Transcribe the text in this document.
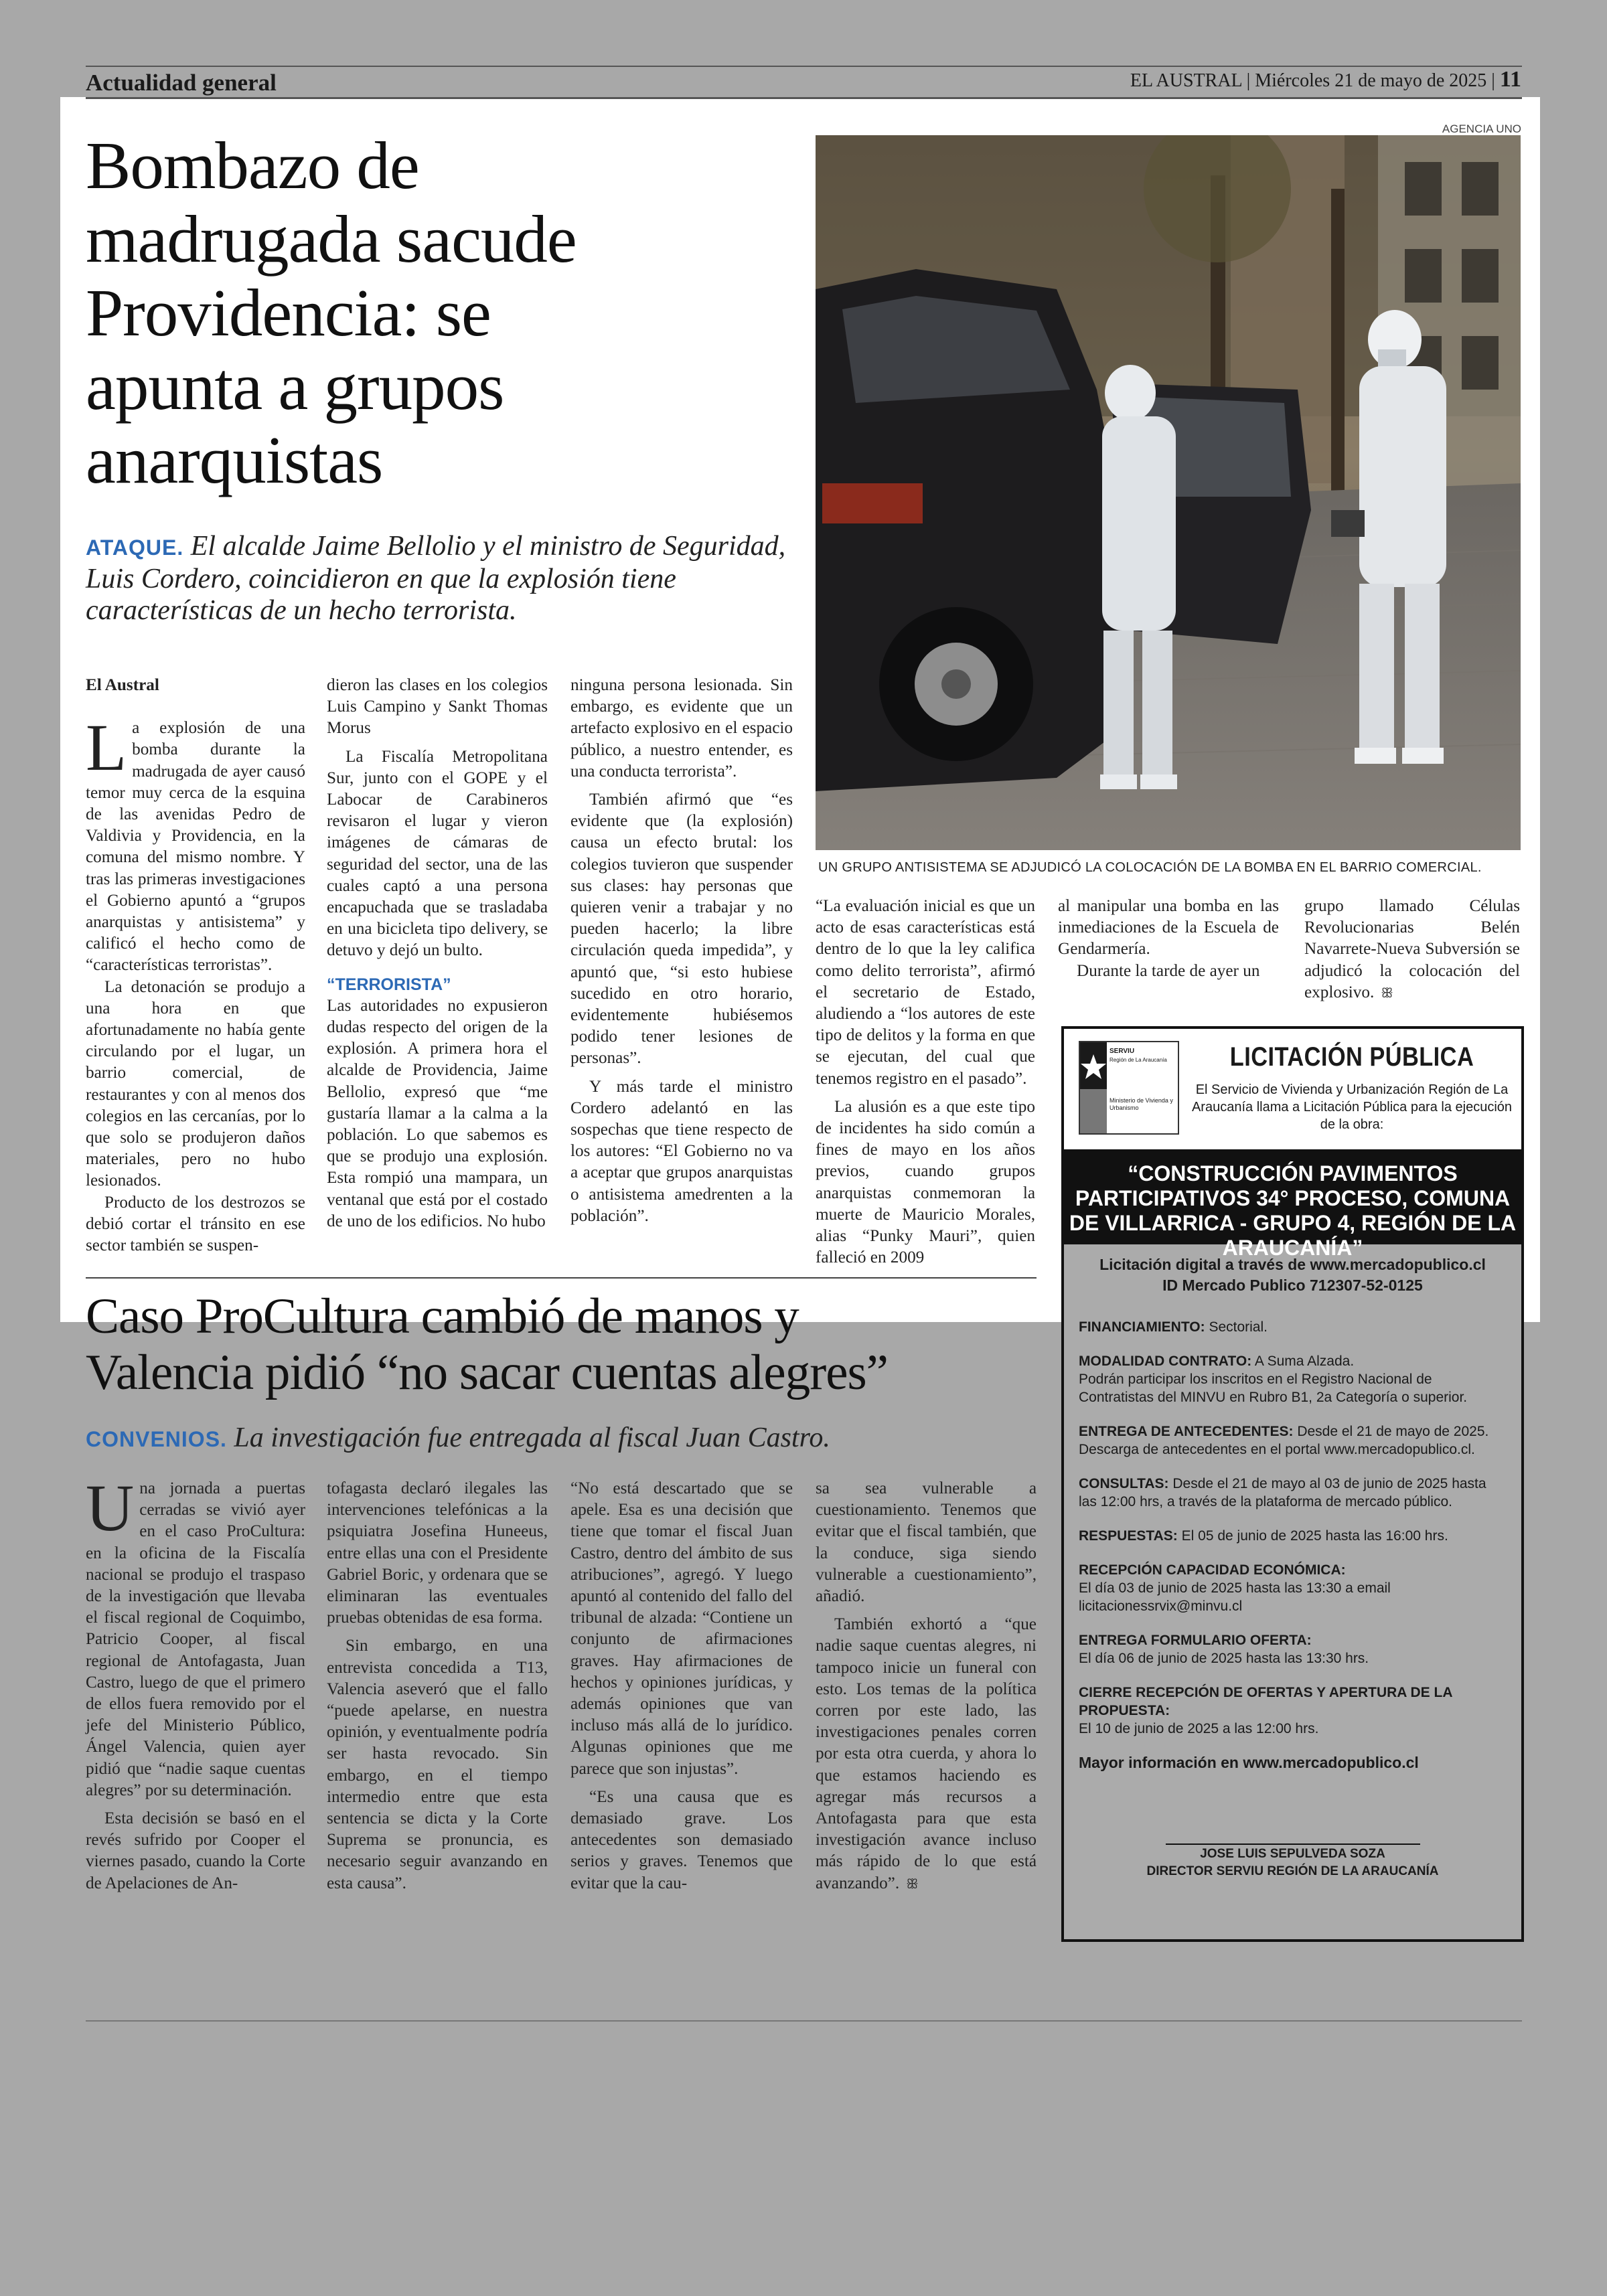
Actualidad general	EL AUSTRAL | Miércoles 21 de mayo de 2025 | 11
Bombazo de
madrugada sacude
Providencia: se
apunta a grupos
anarquistas
ATAQUE. El alcalde Jaime Bellolio y el ministro de Seguridad, Luis Cordero, coincidieron en que la explosión tiene características de un hecho terrorista.

El Austral

La explosión de una bomba durante la madrugada de ayer causó temor muy cerca de la esquina de las avenidas Pedro de Valdivia y Providencia, en la comuna del mismo nombre. Y tras las primeras investigaciones el Gobierno apuntó a “grupos anarquistas y antisistema” y calificó el hecho como de “características terroristas”.

La detonación se produjo a una hora en que afortunadamente no había gente circulando por el lugar, un barrio comercial, de restaurantes y con al menos dos colegios en las cercanías, por lo que solo se produjeron daños materiales, pero no hubo lesionados.

Producto de los destrozos se debió cortar el tránsito en ese sector también se suspen-

dieron las clases en los colegios Luis Campino y Sankt Thomas Morus

La Fiscalía Metropolitana Sur, junto con el GOPE y el Labocar de Carabineros revisaron el lugar y vieron imágenes de cámaras de seguridad del sector, una de las cuales captó a una persona encapuchada que se trasladaba en una bicicleta tipo delivery, se detuvo y dejó un bulto.

“TERRORISTA”

Las autoridades no expusieron dudas respecto del origen de la explosión. A primera hora el alcalde de Providencia, Jaime Bellolio, expresó que “me gustaría llamar a la calma a la población. Lo que sabemos es que se produjo una explosión. Esta rompió una mampara, un ventanal que está por el costado de uno de los edificios. No hubo

ninguna persona lesionada. Sin embargo, es evidente que un artefacto explosivo en el espacio público, a nuestro entender, es una conducta terrorista”.

También afirmó que “es evidente que (la explosión) causa un efecto brutal: los colegios tuvieron que suspender sus clases: hay personas que quieren venir a trabajar y no pueden hacerlo; la libre circulación queda impedida”, y apuntó que, “si esto hubiese sucedido en otro horario, evidentemente hubiésemos podido tener lesiones de personas”.

Y más tarde el ministro Cordero adelantó en las sospechas que tiene respecto de los autores: “El Gobierno no va a aceptar que grupos anarquistas o antisistema amedrenten a la población”.

AGENCIA UNO
UN GRUPO ANTISISTEMA SE ADJUDICÓ LA COLOCACIÓN DE LA BOMBA EN EL BARRIO COMERCIAL.

“La evaluación inicial es que un acto de esas características está dentro de lo que la ley califica como delito terrorista”, afirmó el secretario de Estado, aludiendo a “los autores de este tipo de delitos y la forma en que se ejecutan, del cual que tenemos registro en el pasado”.

La alusión es a que este tipo de incidentes ha sido común a fines de mayo en los años previos, cuando grupos anarquistas conmemoran la muerte de Mauricio Morales, alias “Punky Mauri”, quien falleció en 2009

al manipular una bomba en las inmediaciones de la Escuela de Gendarmería.

Durante la tarde de ayer un

grupo llamado Células Revolucionarias Belén Navarrete-Nueva Subversión se adjudicó la colocación del explosivo. ꕥ

Caso ProCultura cambió de manos y
Valencia pidió “no sacar cuentas alegres”
CONVENIOS. La investigación fue entregada al fiscal Juan Castro.

Una jornada a puertas cerradas se vivió ayer en el caso ProCultura: en la oficina de la Fiscalía nacional se produjo el traspaso de la investigación que llevaba el fiscal regional de Coquimbo, Patricio Cooper, al fiscal regional de Antofagasta, Juan Castro, luego de que el primero de ellos fuera removido por el jefe del Ministerio Público, Ángel Valencia, quien ayer pidió que “nadie saque cuentas alegres” por su determinación.

Esta decisión se basó en el revés sufrido por Cooper el viernes pasado, cuando la Corte de Apelaciones de An-

tofagasta declaró ilegales las intervenciones telefónicas a la psiquiatra Josefina Huneeus, entre ellas una con el Presidente Gabriel Boric, y ordenara que se eliminaran las eventuales pruebas obtenidas de esa forma.

Sin embargo, en una entrevista concedida a T13, Valencia aseveró que el fallo “puede apelarse, en nuestra opinión, y eventualmente podría ser hasta revocado. Sin embargo, en el tiempo intermedio entre que esta sentencia se dicta y la Corte Suprema se pronuncia, es necesario seguir avanzando en esta causa”.

“No está descartado que se apele. Esa es una decisión que tiene que tomar el fiscal Juan Castro, dentro del ámbito de sus atribuciones”, agregó. Y luego apuntó al contenido del fallo del tribunal de alzada: “Contiene un conjunto de afirmaciones graves. Hay afirmaciones de hechos y opiniones jurídicas, y además opiniones que van incluso más allá de lo jurídico. Algunas opiniones que me parece que son injustas”.

“Es una causa que es demasiado grave. Los antecedentes son demasiado serios y graves. Tenemos que evitar que la cau-

sa sea vulnerable a cuestionamiento. Tenemos que evitar que el fiscal también, que la conduce, siga siendo vulnerable a cuestionamiento”, añadió.

También exhortó a “que nadie saque cuentas alegres, ni tampoco inicie un funeral con esto. Los temas de la política corren por este lado, las investigaciones penales corren por esta otra cuerda, y ahora lo que estamos haciendo es agregar más recursos a Antofagasta para que esta investigación avance incluso más rápido de lo que está avanzando”. ꕥ

SERVIU
Región de La Araucanía
Ministerio de Vivienda y Urbanismo
LICITACIÓN PÚBLICA
El Servicio de Vivienda y Urbanización Región de La Araucanía llama a Licitación Pública para la ejecución de la obra:
“CONSTRUCCIÓN PAVIMENTOS PARTICIPATIVOS 34° PROCESO, COMUNA DE VILLARRICA - GRUPO 4, REGIÓN DE LA ARAUCANÍA”
Licitación digital a través de www.mercadopublico.cl
ID Mercado Publico 712307-52-0125
FINANCIAMIENTO: Sectorial.
MODALIDAD CONTRATO: A Suma Alzada.
Podrán participar los inscritos en el Registro Nacional de Contratistas del MINVU en Rubro B1, 2a Categoría o superior.
ENTREGA DE ANTECEDENTES: Desde el 21 de mayo de 2025.
Descarga de antecedentes en el portal www.mercadopublico.cl.
CONSULTAS: Desde el 21 de mayo al 03 de junio de 2025 hasta las 12:00 hrs, a través de la plataforma de mercado público.
RESPUESTAS: El 05 de junio de 2025 hasta las 16:00 hrs.
RECEPCIÓN CAPACIDAD ECONÓMICA:
El día 03 de junio de 2025 hasta las 13:30 a email licitacionessrvix@minvu.cl
ENTREGA FORMULARIO OFERTA:
El día 06 de junio de 2025 hasta las 13:30 hrs.
CIERRE RECEPCIÓN DE OFERTAS Y APERTURA DE LA PROPUESTA:
El 10 de junio de 2025 a las 12:00 hrs.
Mayor información en www.mercadopublico.cl
JOSE LUIS SEPULVEDA SOZA
DIRECTOR SERVIU REGIÓN DE LA ARAUCANÍA
